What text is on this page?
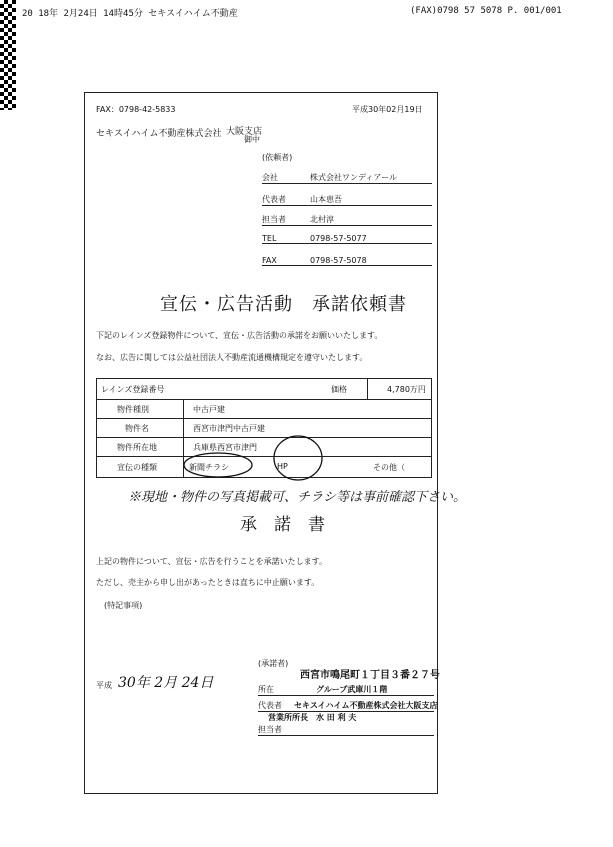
20 18年 2月24日 14時45分 セキスイハイム不動産	(FAX)0798 57 5078 P. 001/001
FAX：0798-42-5833	平成30年02月19日
セキスイハイム不動産株式会社 大阪支店
御中
(依頼者)
会社	株式会社ワンディアール
代表者	山本恵吾
担当者	北村淳
TEL	0798-57-5077
FAX	0798-57-5078
宣伝・広告活動　承諾依頼書
下記のレインズ登録物件について、宣伝・広告活動の承諾をお願いいたします。
なお、広告に関しては公益社団法人不動産流通機構規定を遵守いたします。
レインズ登録番号	価格	4,780万円
物件種別	中古戸建
物件名	西宮市津門中古戸建
物件所在地	兵庫県西宮市津門
宣伝の種類	新聞チラシ	HP	その他（
※現地・物件の写真掲載可、チラシ等は事前確認下さい。
承　諾　書
上記の物件について、宣伝・広告を行うことを承諾いたします。
ただし、売主から申し出があったときは直ちに中止願います。
(特記事項)
平成 30年 2月 24日
(承諾者)
西宮市鳴尾町１丁目３番２７号
所在	グループ武庫川１階
代表者 セキスイハイム不動産株式会社大阪支店
営業所所長　水 田 利 夫
担当者
